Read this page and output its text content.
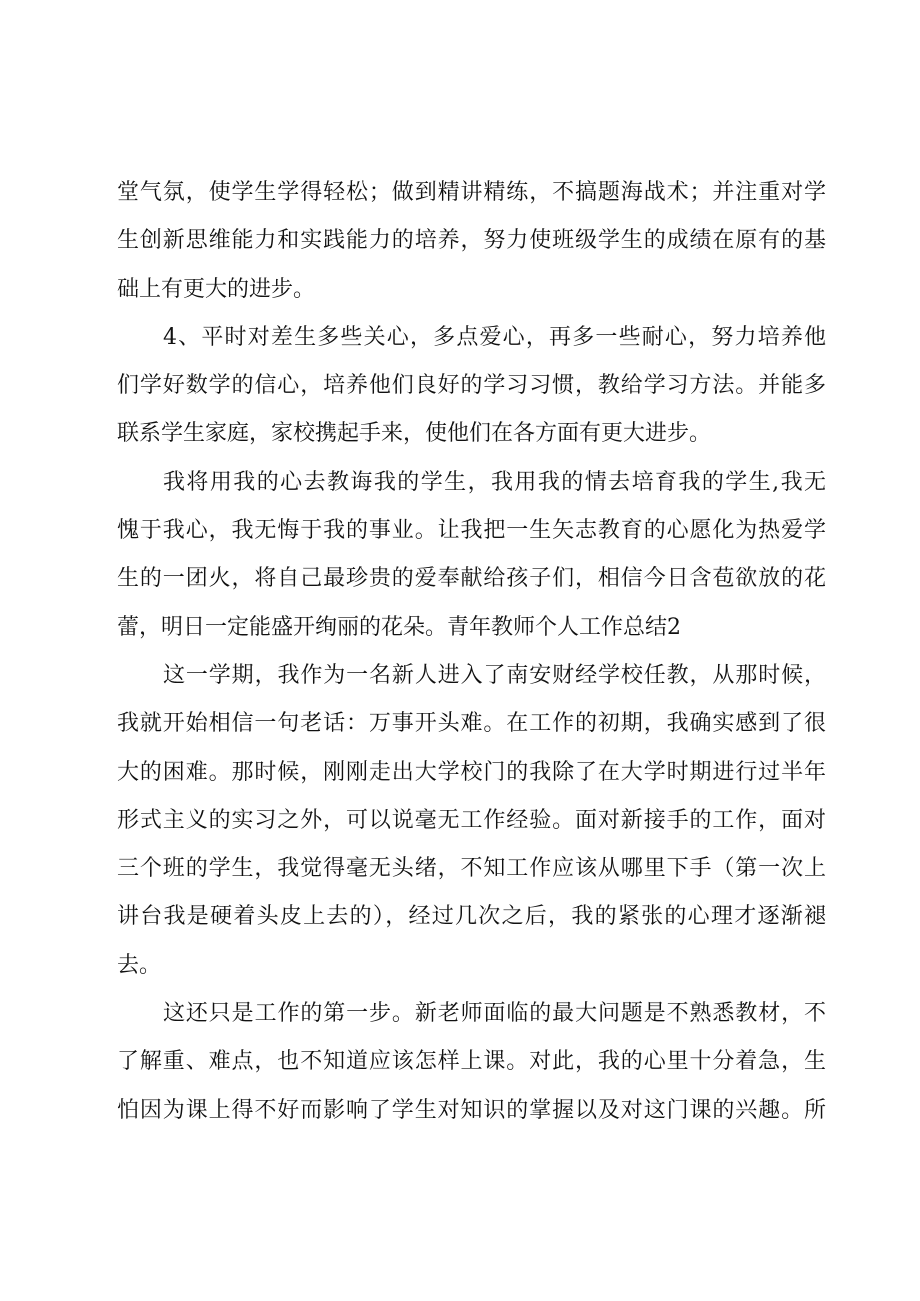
堂气氛，使学生学得轻松；做到精讲精练，不搞题海战术；并注重对学
生创新思维能力和实践能力的培养，努力使班级学生的成绩在原有的基
础上有更大的进步。
4、平时对差生多些关心，多点爱心，再多一些耐心，努力培养他
们学好数学的信心，培养他们良好的学习习惯，教给学习方法。并能多
联系学生家庭，家校携起手来，使他们在各方面有更大进步。
我将用我的心去教诲我的学生，我用我的情去培育我的学生,我无
愧于我心，我无悔于我的事业。让我把一生矢志教育的心愿化为热爱学
生的一团火，将自己最珍贵的爱奉献给孩子们，相信今日含苞欲放的花
蕾，明日一定能盛开绚丽的花朵。青年教师个人工作总结2
这一学期，我作为一名新人进入了南安财经学校任教，从那时候，
我就开始相信一句老话：万事开头难。在工作的初期，我确实感到了很
大的困难。那时候，刚刚走出大学校门的我除了在大学时期进行过半年
形式主义的实习之外，可以说毫无工作经验。面对新接手的工作，面对
三个班的学生，我觉得毫无头绪，不知工作应该从哪里下手（第一次上
讲台我是硬着头皮上去的），经过几次之后，我的紧张的心理才逐渐褪
去。
这还只是工作的第一步。新老师面临的最大问题是不熟悉教材，不
了解重、难点，也不知道应该怎样上课。对此，我的心里十分着急，生
怕因为课上得不好而影响了学生对知识的掌握以及对这门课的兴趣。所
